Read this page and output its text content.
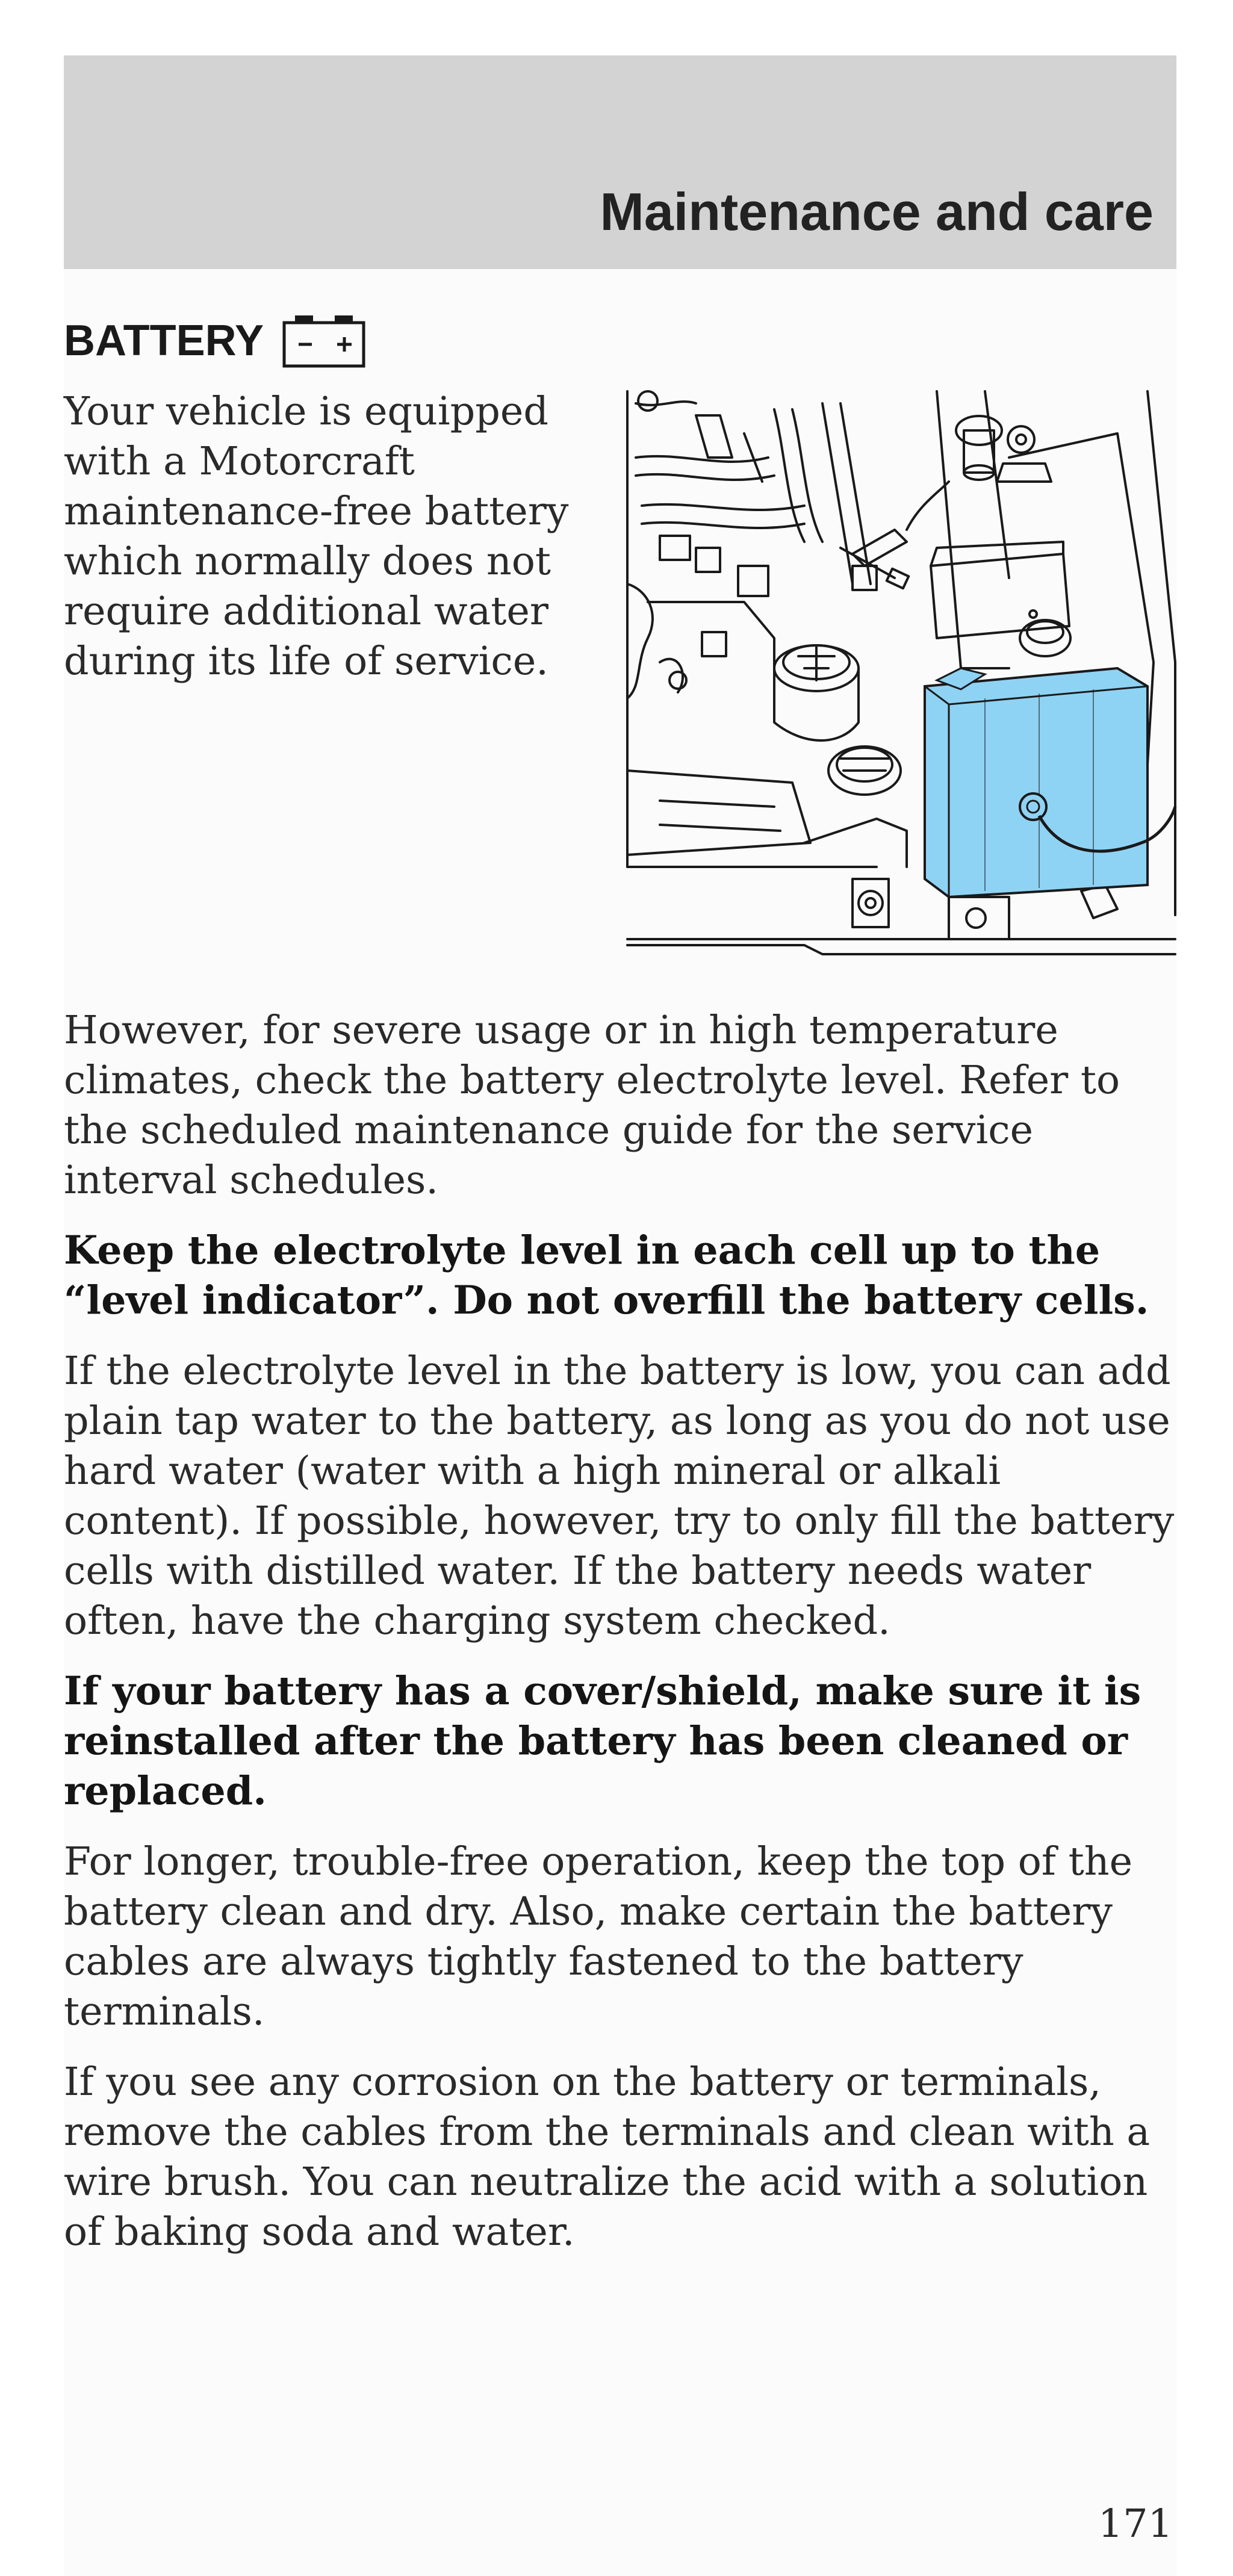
Maintenance and care
BATTERY

Your vehicle is equipped with a Motorcraft maintenance-free battery which normally does not require additional water during its life of service.

However, for severe usage or in high temperature climates, check the battery electrolyte level. Refer to the scheduled maintenance guide for the service interval schedules.

Keep the electrolyte level in each cell up to the “level indicator”. Do not overfill the battery cells.

If the electrolyte level in the battery is low, you can add plain tap water to the battery, as long as you do not use hard water (water with a high mineral or alkali content). If possible, however, try to only fill the battery cells with distilled water. If the battery needs water often, have the charging system checked.

If your battery has a cover/shield, make sure it is reinstalled after the battery has been cleaned or replaced.

For longer, trouble-free operation, keep the top of the battery clean and dry. Also, make certain the battery cables are always tightly fastened to the battery terminals.

If you see any corrosion on the battery or terminals, remove the cables from the terminals and clean with a wire brush. You can neutralize the acid with a solution of baking soda and water.

171
